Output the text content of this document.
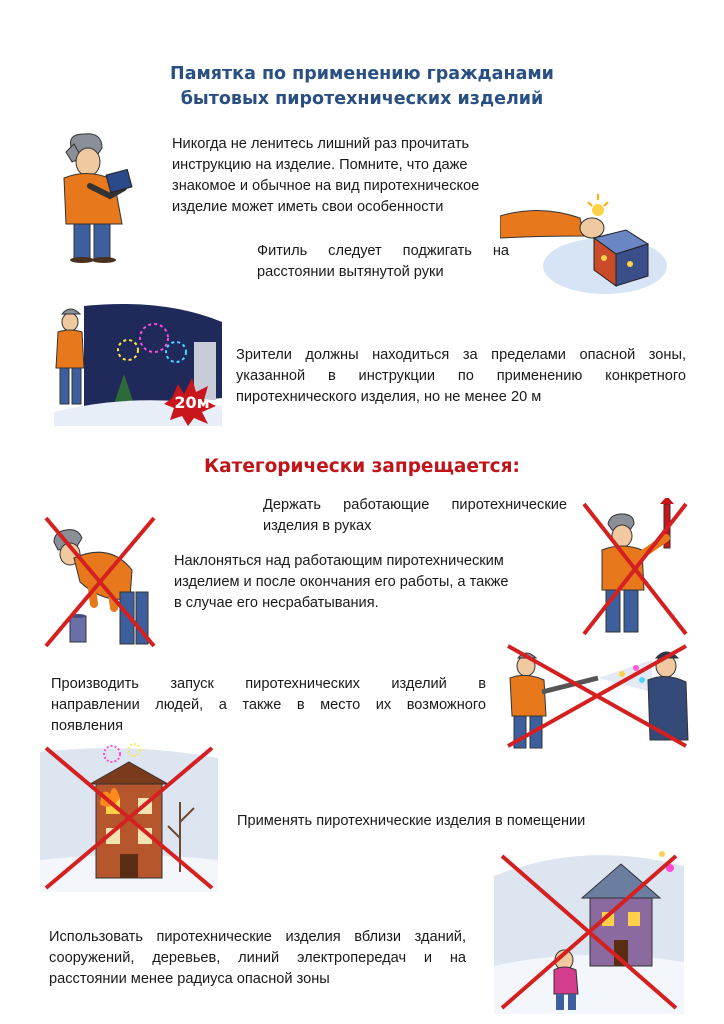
Памятка по применению гражданами
бытовых пиротехнических изделий
Никогда не ленитесь лишний раз прочитать
инструкцию на изделие. Помните, что даже
знакомое и обычное на вид пиротехническое
изделие может иметь свои особенности
Фитиль следует поджигать на
расстоянии вытянутой руки
20м
Зрители должны находиться за пределами опасной зоны,
указанной в инструкции по применению конкретного
пиротехнического изделия, но не менее 20 м
Категорически запрещается:
Держать работающие пиротехнические
изделия в руках
Наклоняться над работающим пиротехническим
изделием и после окончания его работы, а также
в случае его несрабатывания.
Производить запуск пиротехнических изделий в
направлении людей, а также в место их возможного
появления
Применять пиротехнические изделия в помещении
Использовать пиротехнические изделия вблизи зданий,
сооружений, деревьев, линий электропередач и на
расстоянии менее радиуса опасной зоны
